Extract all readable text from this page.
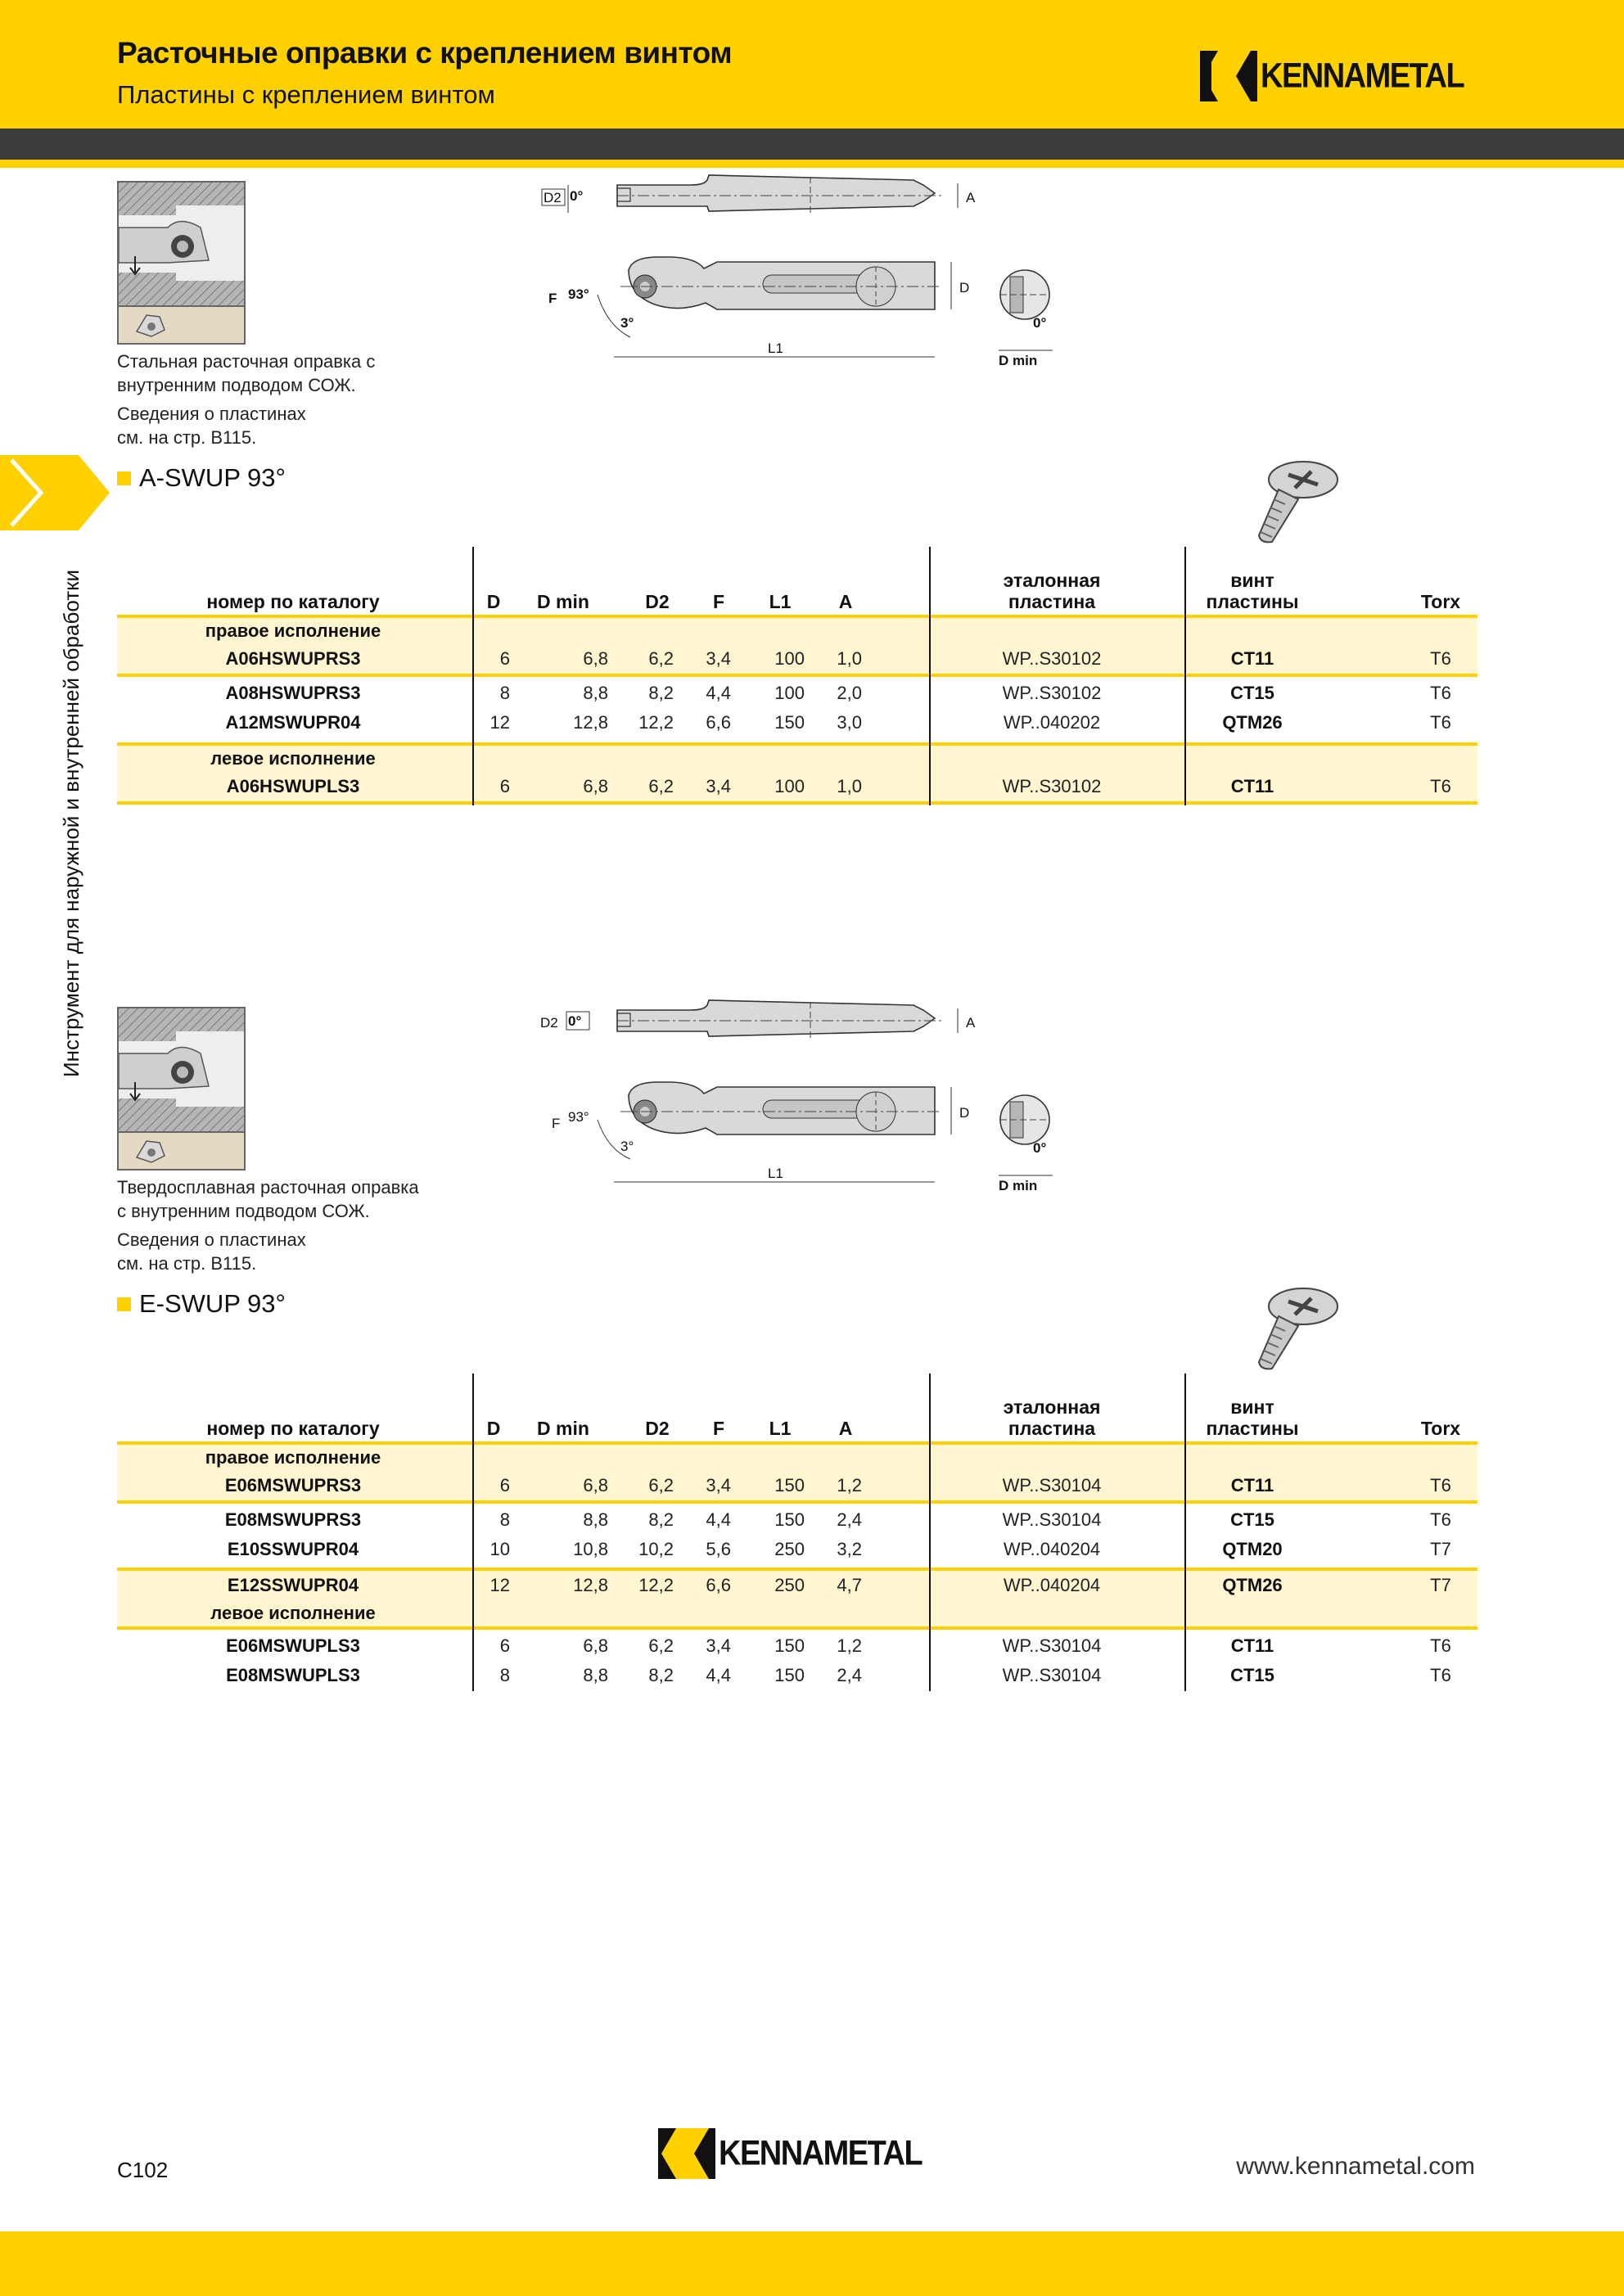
Расточные оправки с креплением винтом
Пластины с креплением винтом	KENNAMETAL
Инструмент для наружной и внутренней обработки
Стальная расточная оправка с
внутренним подводом СОЖ.
Сведения о пластинах
см. на стр. B115.
D2 0°	A
F 93°
3°
D
L1
0°
D min
A-SWUP 93°
номер по каталогу	D	D min	D2	F	L1	A
эталонная
пластина
винт
пластины	Torx
правое исполнение
A06HSWUPRS3	6	6,8	6,2	3,4	100	1,0	WP..S30102	CT11	T6
A08HSWUPRS3	8	8,8	8,2	4,4	100	2,0	WP..S30102	CT15	T6
A12MSWUPR04	12	12,8	12,2	6,6	150	3,0	WP..040202	QTM26	T6
левое исполнение
A06HSWUPLS3	6	6,8	6,2	3,4	100	1,0	WP..S30102	CT11	T6
Твердосплавная расточная оправка
с внутренним подводом СОЖ.
Сведения о пластинах
см. на стр. B115.
D2 0°	A
F 93°
3°
D
L1
0°
D min
E-SWUP 93°
номер по каталогу	D	D min	D2	F	L1	A
эталонная
пластина
винт
пластины	Torx
правое исполнение
E06MSWUPRS3	6	6,8	6,2	3,4	150	1,2	WP..S30104	CT11	T6
E08MSWUPRS3	8	8,8	8,2	4,4	150	2,4	WP..S30104	CT15	T6
E10SSWUPR04	10	10,8	10,2	5,6	250	3,2	WP..040204	QTM20	T7
E12SSWUPR04	12	12,8	12,2	6,6	250	4,7	WP..040204	QTM26	T7
левое исполнение
E06MSWUPLS3	6	6,8	6,2	3,4	150	1,2	WP..S30104	CT11	T6
E08MSWUPLS3	8	8,8	8,2	4,4	150	2,4	WP..S30104	CT15	T6
C102	KENNAMETAL	www.kennametal.com
